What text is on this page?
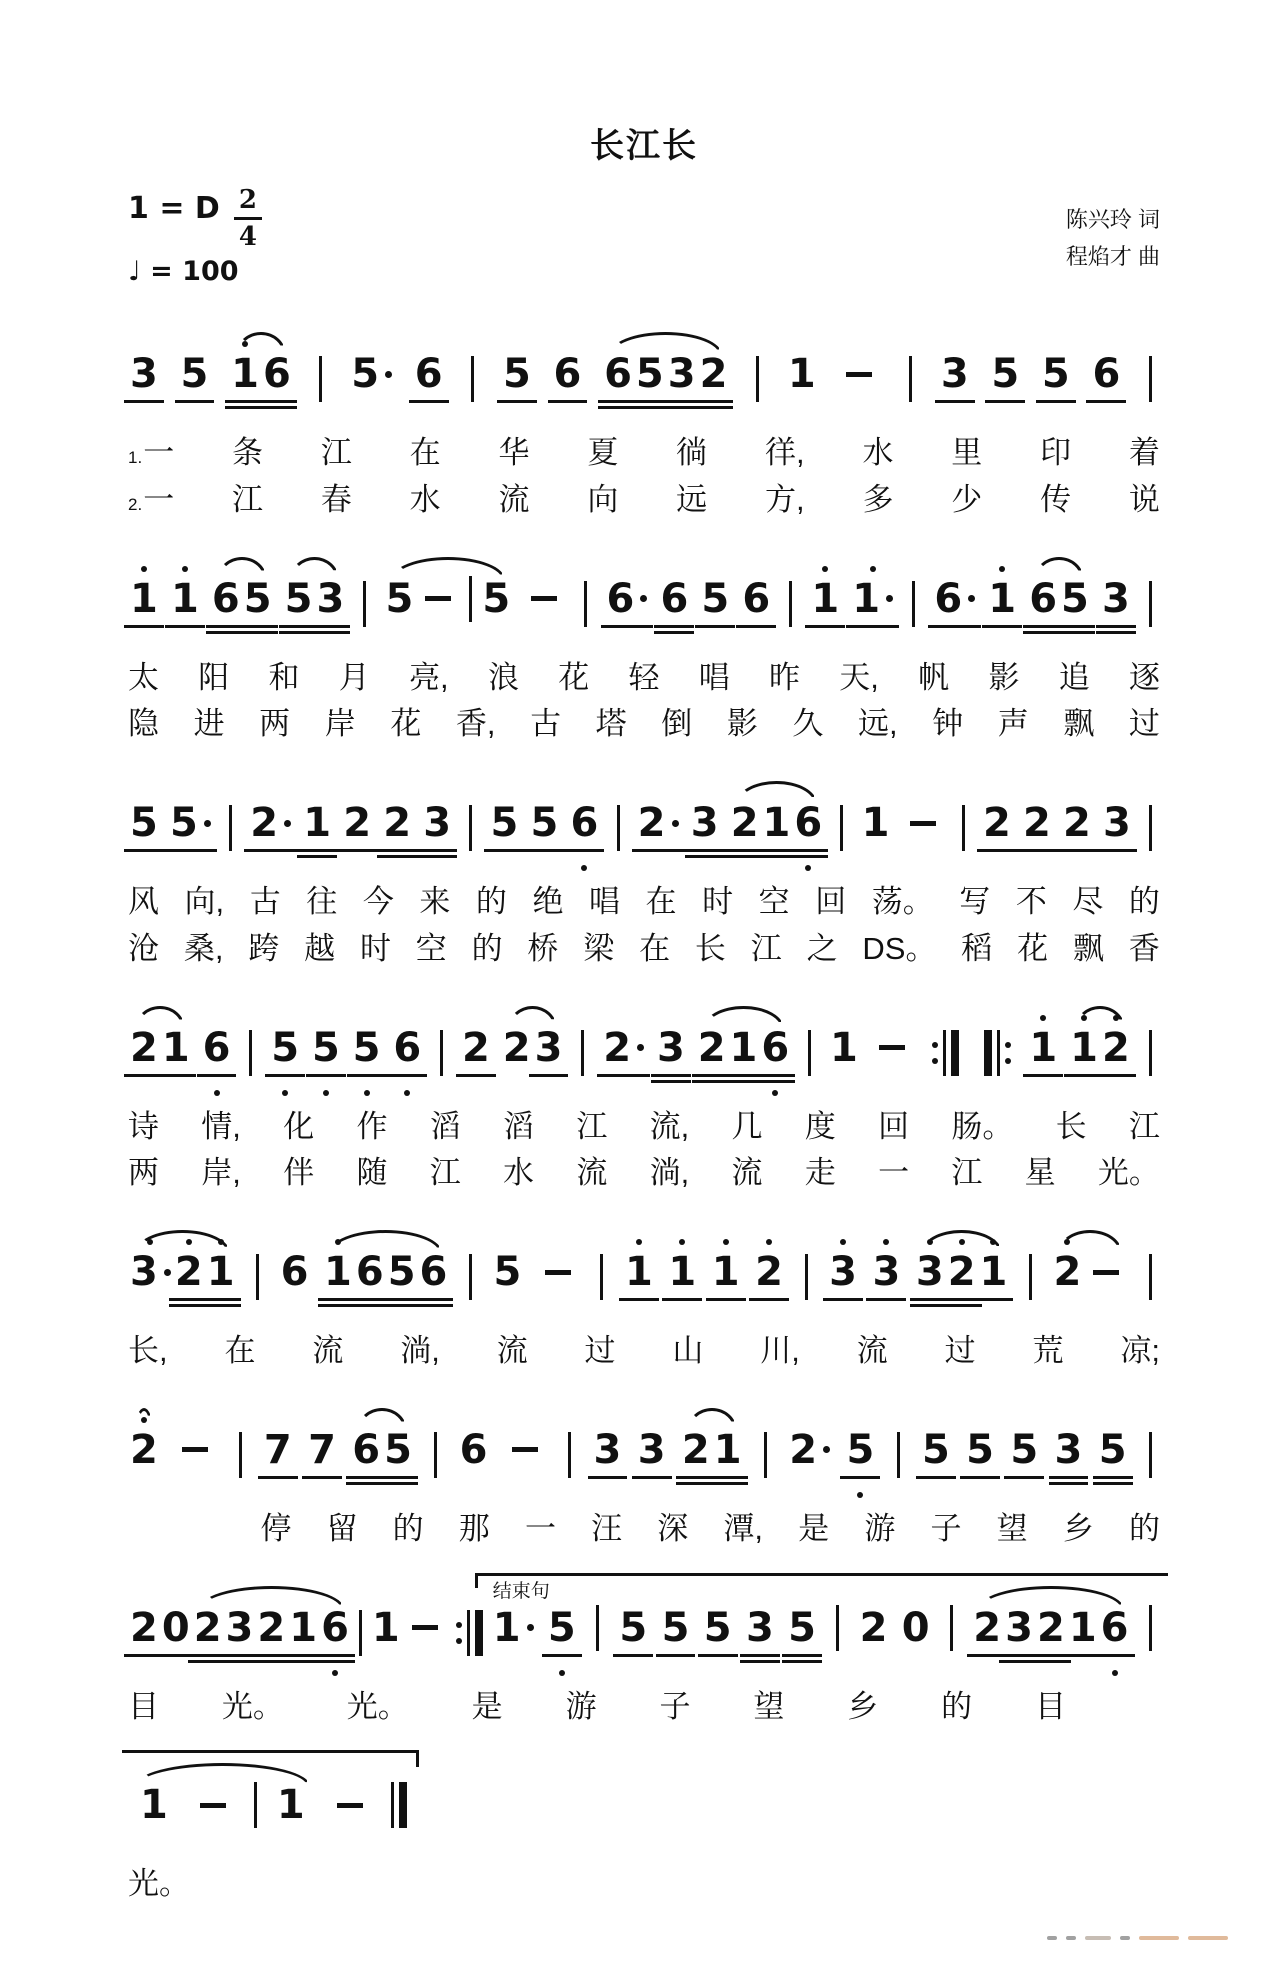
长江长
1 = D $\frac{2}{4}$
♩ = 100
陈兴玲 词
程焰才 曲
3 5 1 6 5 6 5 6 6 5 3 2 1	3 5 5 6
1.一 条 江 在 华 夏 徜 徉, 水 里 印 着
2.一 江 春 水 流 向 远 方, 多 少 传 说
1 1 6 5 5 3 5 5 6 6 5 6 1 1	6 1 6 5 3
太 阳 和 月 亮, 浪 花 轻 唱 昨 天, 帆 影 追 逐
隐 进 两 岸 花 香, 古 塔 倒 影 久 远, 钟 声 飘 过
5 5	2 1 2 2 3 5 5 6 2 3 2 1 6 1 2 2 2 3
风 向, 古 往 今 来 的 绝 唱 在 时 空 回 荡。 写 不 尽 的
沧 桑, 跨 越 时 空 的 桥 梁 在 长 江 之 DS。 稻 花 飘 香
2 1 6 5 5 5 6 2 2 3 2 3 2 1 6 1	1 1 2
诗 情, 化 作 滔 滔 江 流, 几 度 回 肠。 长 江
两 岸, 伴 随 江 水 流 淌, 流 走 一 江 星 光。
3 2 1 6 1 6 5 6 5	1 1 1 2 3 3 3 2 1 2
长, 在 流 淌, 流 过 山 川, 流 过 荒 凉;
2	7 7 6 5 6	3 3 2 1 2 5 5 5 5 3 5
停 留 的 那 一 汪 深 潭, 是 游 子 望 乡 的
2 0 2 3 2 1 6 1
结束句
1 5 5 5 5 3 5 2 0 2 3 2 1 6
目 光。 光。 是 游 子 望 乡 的 目
1	1
光。
